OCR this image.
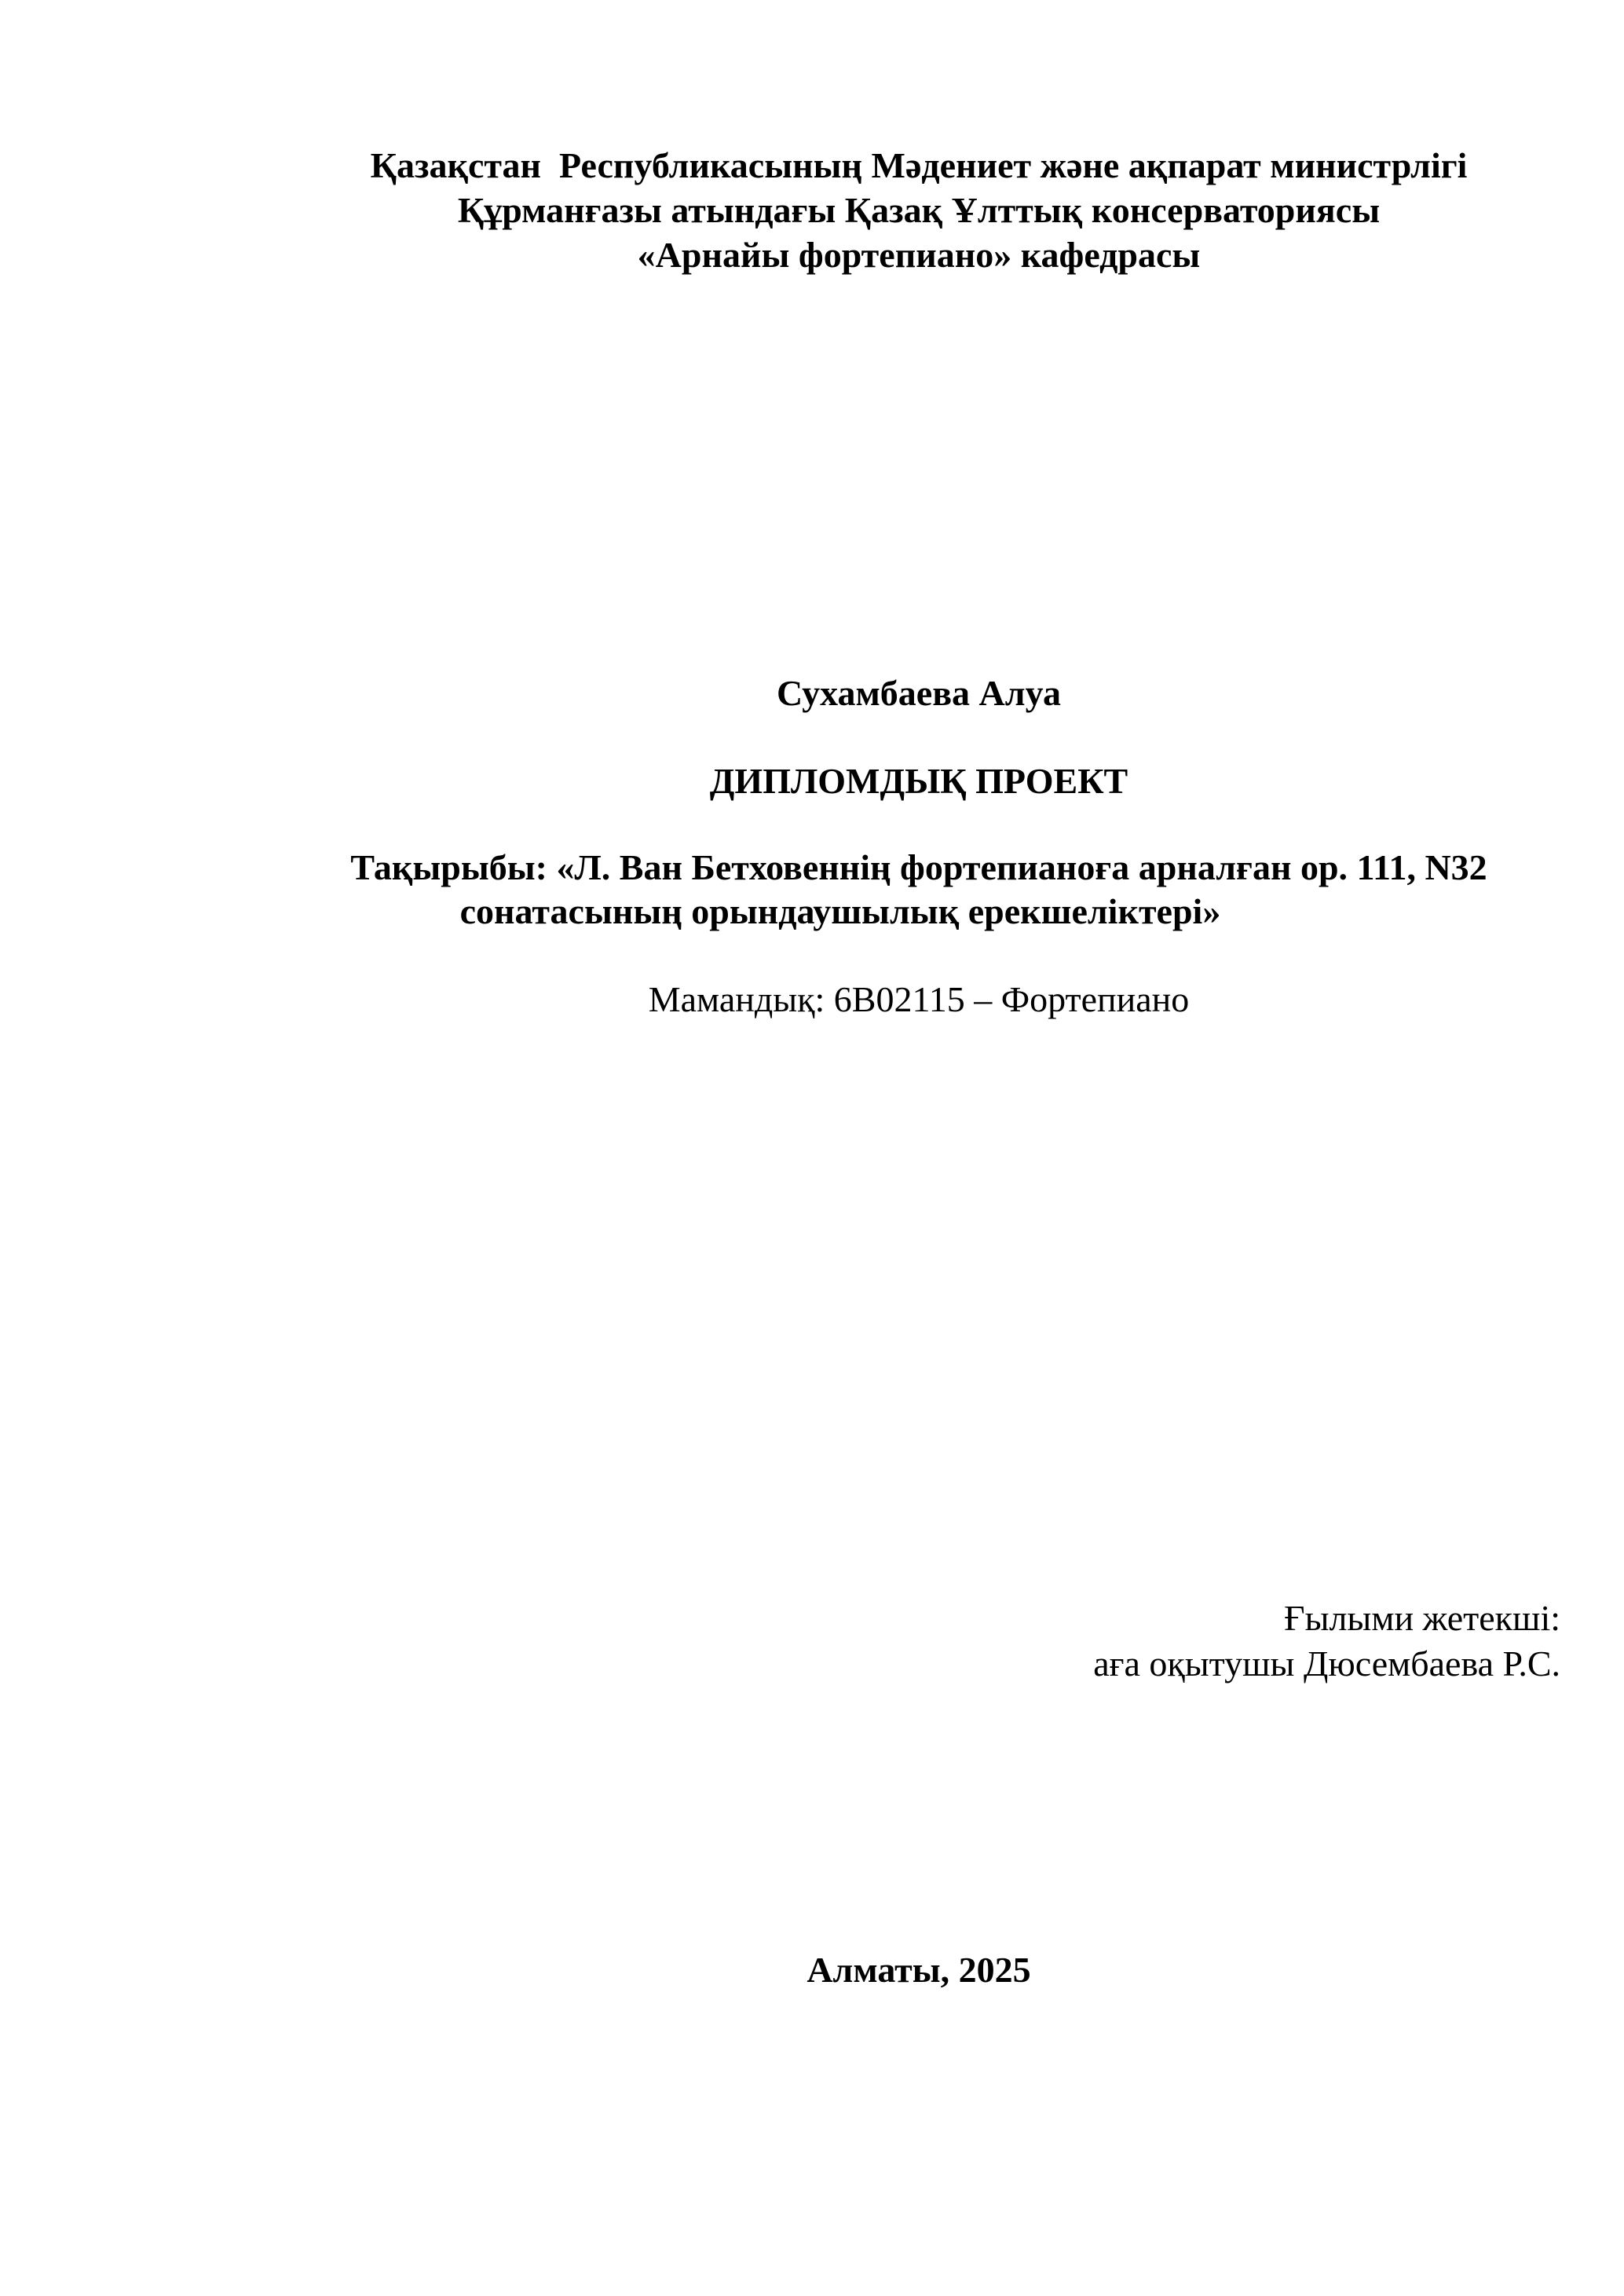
Қазақстан  Республикасының Мәдениет және ақпарат министрлігі
Құрманғазы атындағы Қазақ Ұлттық консерваториясы
«Арнайы фортепиано» кафедрасы
Сухамбаева Алуа
ДИПЛОМДЫҚ ПРОЕКТ
Тақырыбы: «Л. Ван Бетховеннің фортепианоға арналған ор. 111, N32
сонатасының орындаушылық ерекшеліктері»
Мамандық: 6В02115 – Фортепиано
Ғылыми жетекші:
аға оқытушы Дюсембаева Р.С.
Алматы, 2025
